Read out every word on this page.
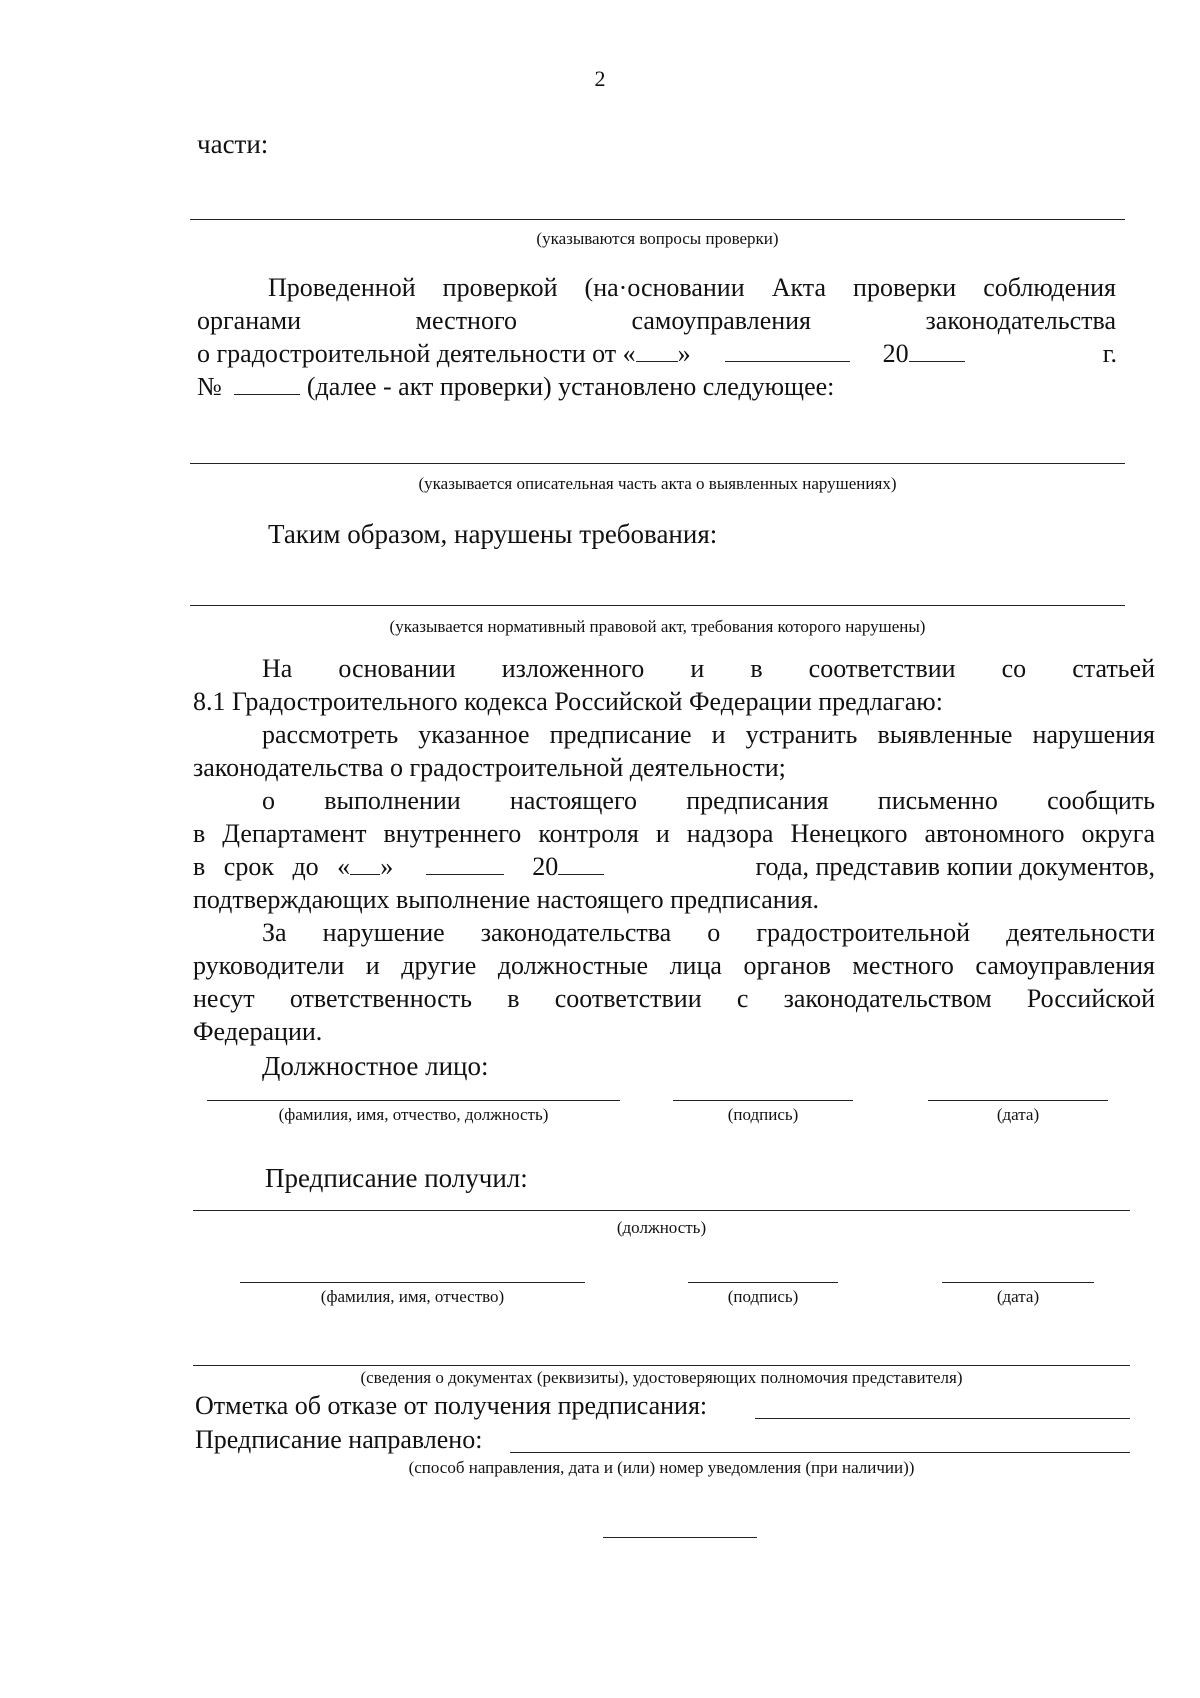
2
части:
(указываются вопросы проверки)
Проведенной проверкой (на·основании Акта проверки соблюдения
органами местного самоуправления законодательства
о градостроительной деятельности от « »	20	г.
№	(далее - акт проверки) установлено следующее:
(указывается описательная часть акта о выявленных нарушениях)
Таким образом, нарушены требования:
(указывается нормативный правовой акт, требования которого нарушены)
На основании изложенного и в соответствии со статьей
8.1 Градостроительного кодекса Российской Федерации предлагаю:
рассмотреть указанное предписание и устранить выявленные нарушения
законодательства о градостроительной деятельности;
о выполнении настоящего предписания письменно сообщить
в Департамент внутреннего контроля и надзора Ненецкого автономного округа
в срок до « »	20	года, представив копии документов,
подтверждающих выполнение настоящего предписания.
За нарушение законодательства о градостроительной деятельности
руководители и другие должностные лица органов местного самоуправления
несут ответственность в соответствии с законодательством Российской
Федерации.
Должностное лицо:
(фамилия, имя, отчество, должность)	(подпись)	(дата)
Предписание получил:
(должность)
(фамилия, имя, отчество)	(подпись)	(дата)
(сведения о документах (реквизиты), удостоверяющих полномочия представителя)
Отметка об отказе от получения предписания:
Предписание направлено:
(способ направления, дата и (или) номер уведомления (при наличии))
